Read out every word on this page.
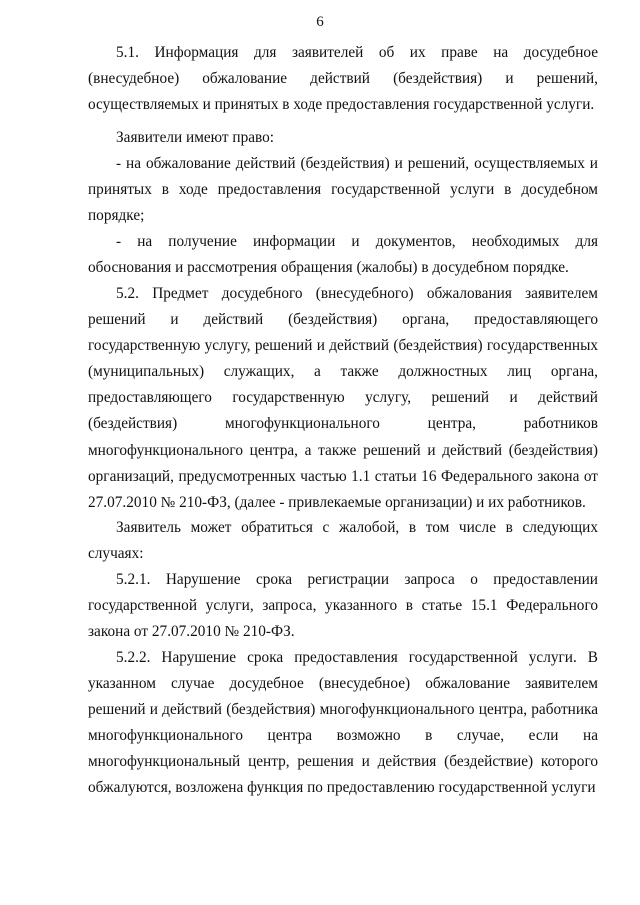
6

5.1. Информация для заявителей об их праве на досудебное (внесудебное) обжалование действий (бездействия) и решений, осуществляемых и принятых в ходе предоставления государственной услуги.

Заявители имеют право:

- на обжалование действий (бездействия) и решений, осуществляемых и принятых в ходе предоставления государственной услуги в досудебном порядке;

- на получение информации и документов, необходимых для обоснования и рассмотрения обращения (жалобы) в досудебном порядке.

5.2. Предмет досудебного (внесудебного) обжалования заявителем решений и действий (бездействия) органа, предоставляющего государственную услугу, решений и действий (бездействия) государственных (муниципальных) служащих, а также должностных лиц органа, предоставляющего государственную услугу, решений и действий (бездействия) многофункционального центра, работников многофункционального центра, а также решений и действий (бездействия) организаций, предусмотренных частью 1.1 статьи 16 Федерального закона от 27.07.2010 № 210-ФЗ, (далее - привлекаемые организации) и их работников.

Заявитель может обратиться с жалобой, в том числе в следующих случаях:

5.2.1. Нарушение срока регистрации запроса о предоставлении государственной услуги, запроса, указанного в статье 15.1 Федерального закона от 27.07.2010 № 210-ФЗ.

5.2.2. Нарушение срока предоставления государственной услуги. В указанном случае досудебное (внесудебное) обжалование заявителем решений и действий (бездействия) многофункционального центра, работника многофункционального центра возможно в случае, если на многофункциональный центр, решения и действия (бездействие) которого обжалуются, возложена функция по предоставлению государственной услуги
